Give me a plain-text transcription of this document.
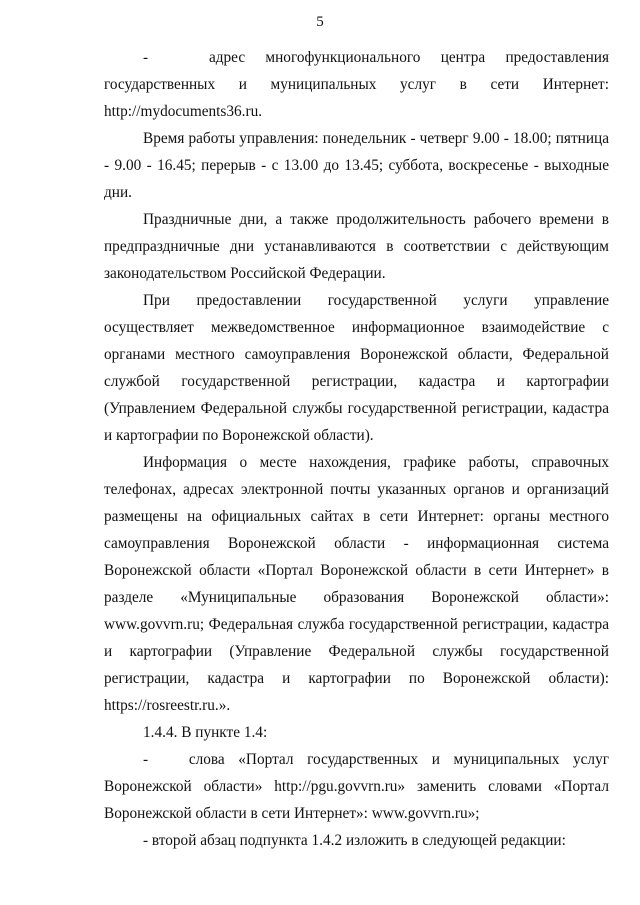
5

-   адрес многофункционального центра предоставления государственных и муниципальных услуг в сети Интернет: http://mydocuments36.ru.

Время работы управления: понедельник - четверг 9.00 - 18.00; пятница - 9.00 - 16.45; перерыв - с 13.00 до 13.45; суббота, воскресенье - выходные дни.

Праздничные дни, а также продолжительность рабочего времени в предпраздничные дни устанавливаются в соответствии с действующим законодательством Российской Федерации.

При предоставлении государственной услуги управление осуществляет межведомственное информационное взаимодействие с органами местного самоуправления Воронежской области, Федеральной службой государственной регистрации, кадастра и картографии (Управлением Федеральной службы государственной регистрации, кадастра и картографии по Воронежской области).

Информация о месте нахождения, графике работы, справочных телефонах, адресах электронной почты указанных органов и организаций размещены на официальных сайтах в сети Интернет: органы местного самоуправления Воронежской области - информационная система Воронежской области «Портал Воронежской области в сети Интернет» в разделе «Муниципальные образования Воронежской области»: www.govvrn.ru; Федеральная служба государственной регистрации, кадастра и картографии (Управление Федеральной службы государственной регистрации, кадастра и картографии по Воронежской области): https://rosreestr.ru.».

1.4.4. В пункте 1.4:

-   слова «Портал государственных и муниципальных услуг Воронежской области» http://pgu.govvrn.ru» заменить словами «Портал Воронежской области в сети Интернет»: www.govvrn.ru»;

- второй абзац подпункта 1.4.2 изложить в следующей редакции:
